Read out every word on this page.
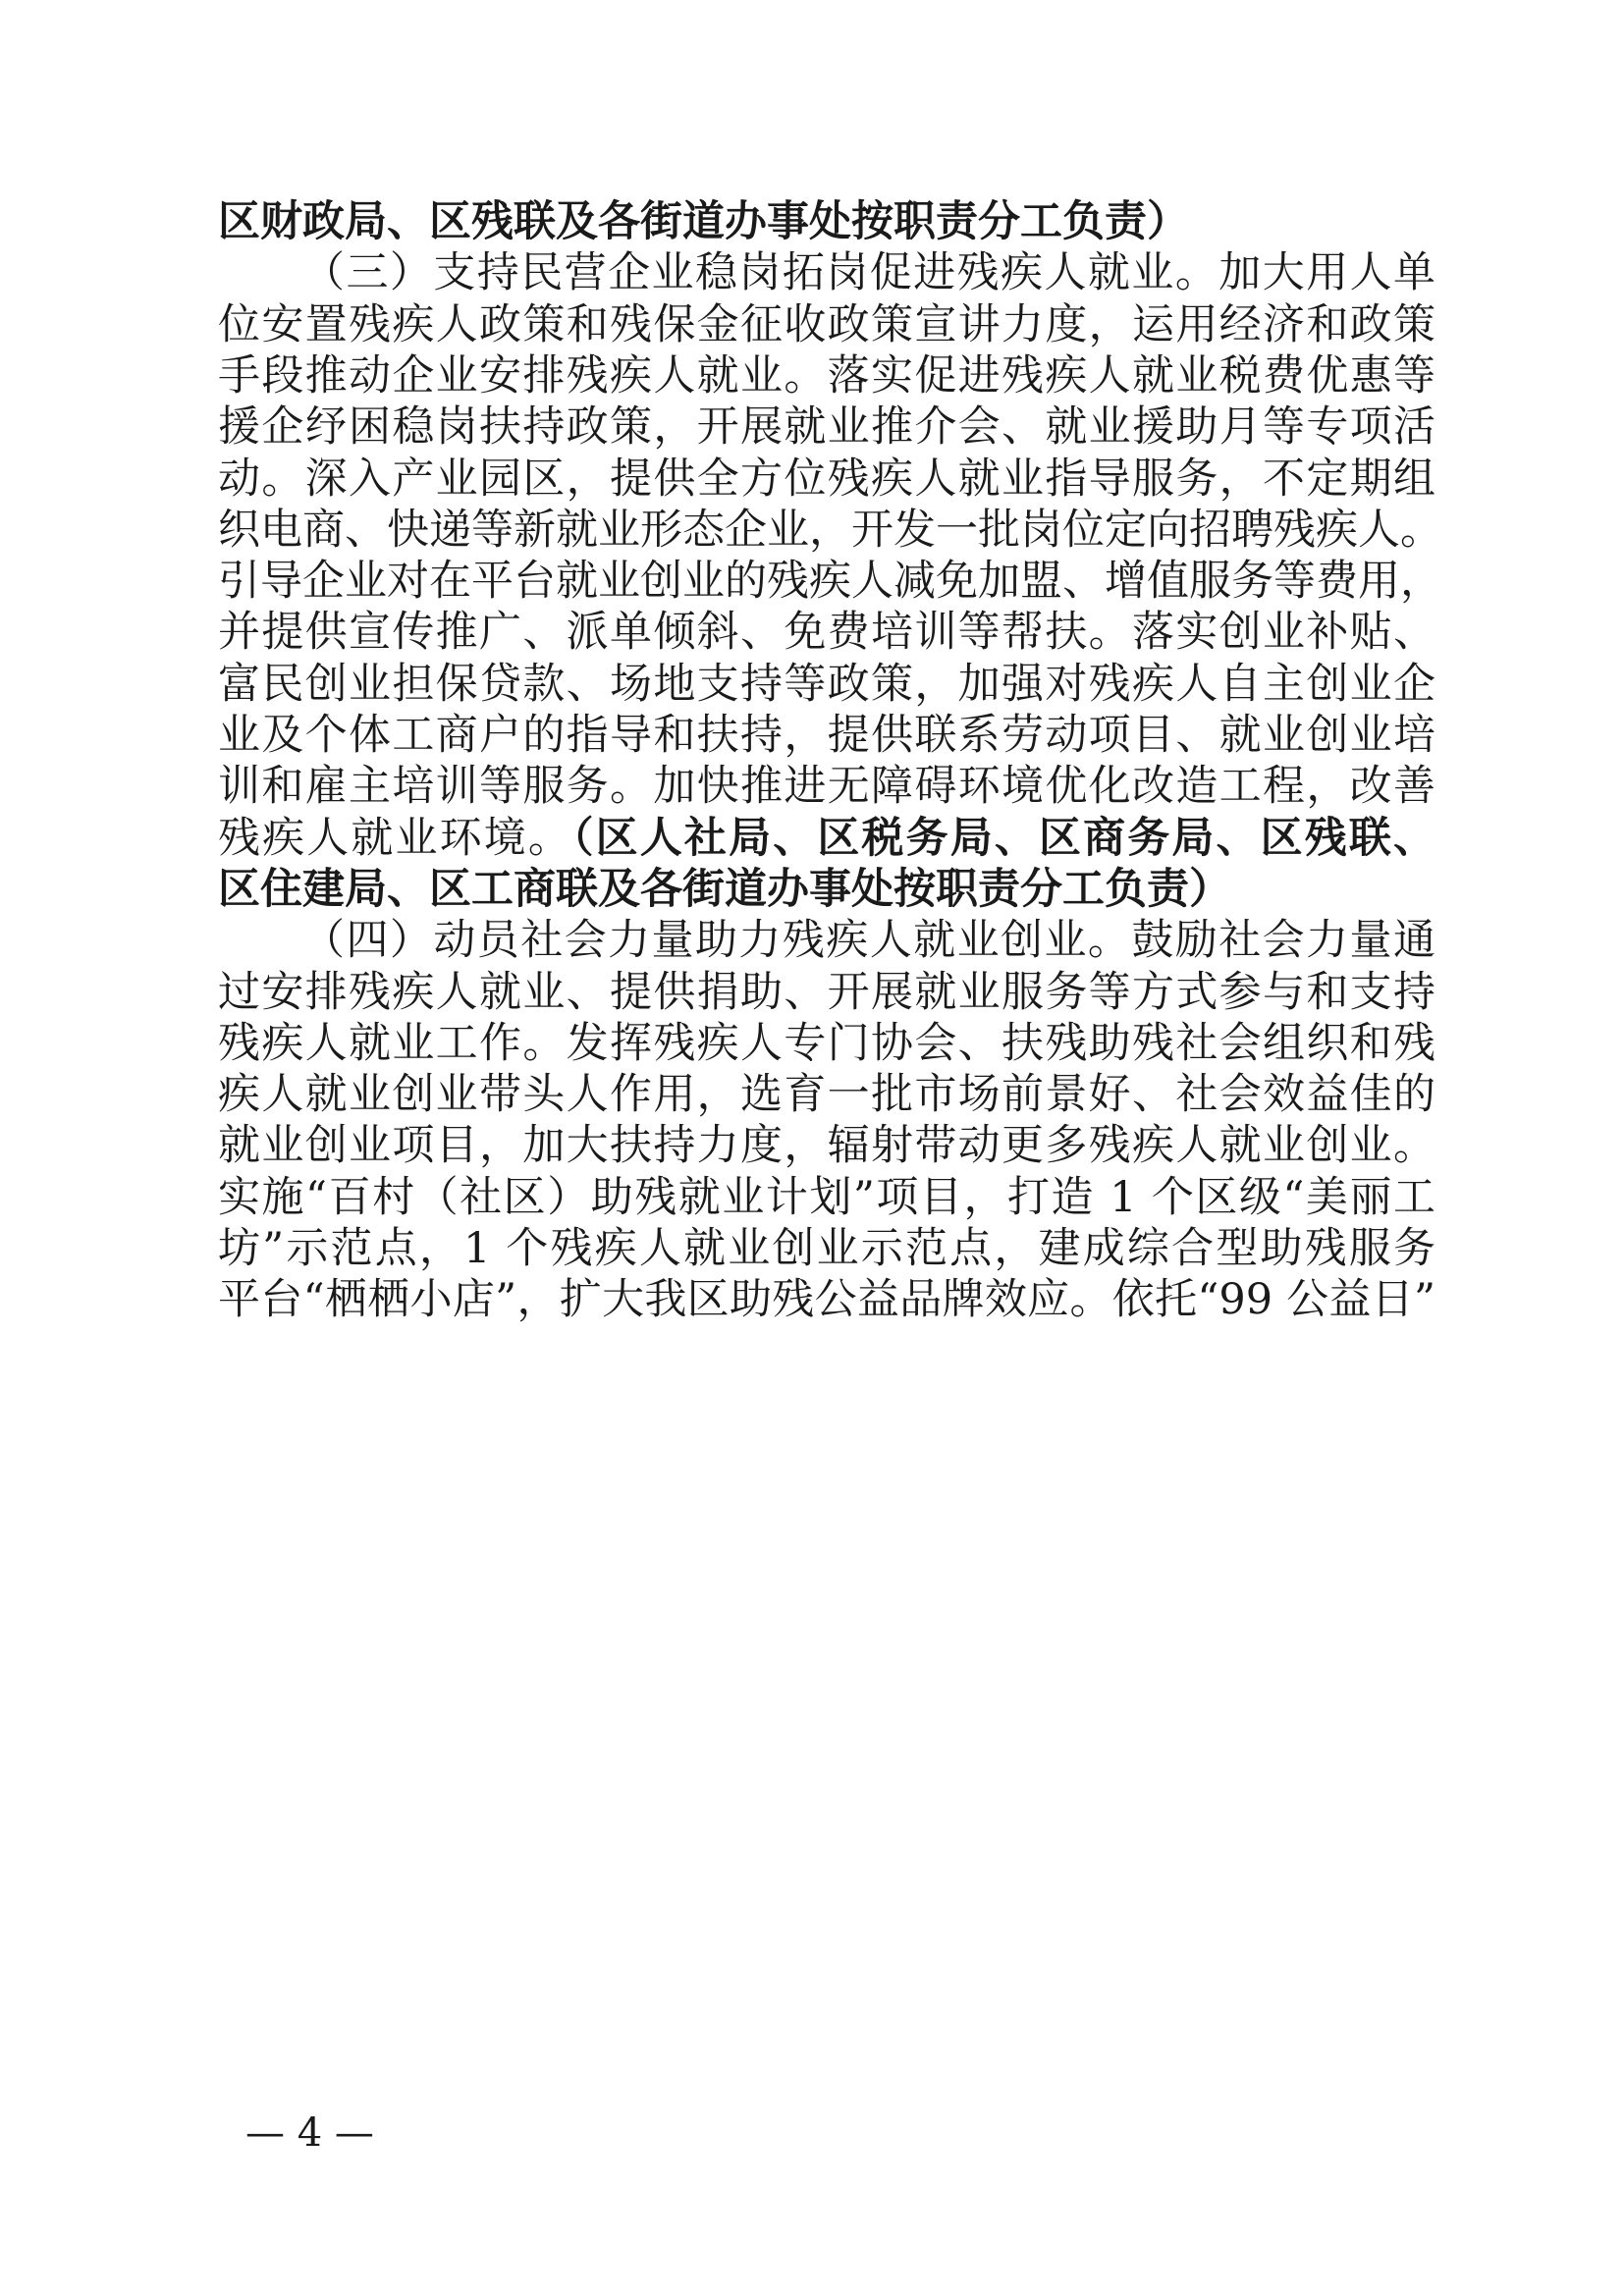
区财政局、区残联及各街道办事处按职责分工负责）
（三）支持民营企业稳岗拓岗促进残疾人就业。加大用人单
位安置残疾人政策和残保金征收政策宣讲力度，运用经济和政策
手段推动企业安排残疾人就业。落实促进残疾人就业税费优惠等
援企纾困稳岗扶持政策，开展就业推介会、就业援助月等专项活
动。深入产业园区，提供全方位残疾人就业指导服务，不定期组
织电商、快递等新就业形态企业，开发一批岗位定向招聘残疾人。
引导企业对在平台就业创业的残疾人减免加盟、增值服务等费用，
并提供宣传推广、派单倾斜、免费培训等帮扶。落实创业补贴、
富民创业担保贷款、场地支持等政策，加强对残疾人自主创业企
业及个体工商户的指导和扶持，提供联系劳动项目、就业创业培
训和雇主培训等服务。加快推进无障碍环境优化改造工程，改善
残疾人就业环境。（区人社局、区税务局、区商务局、区残联、
区住建局、区工商联及各街道办事处按职责分工负责）
（四）动员社会力量助力残疾人就业创业。鼓励社会力量通
过安排残疾人就业、提供捐助、开展就业服务等方式参与和支持
残疾人就业工作。发挥残疾人专门协会、扶残助残社会组织和残
疾人就业创业带头人作用，选育一批市场前景好、社会效益佳的
就业创业项目，加大扶持力度，辐射带动更多残疾人就业创业。
实施“百村（社区）助残就业计划”项目，打造 1 个区级“美丽工
坊”示范点，1 个残疾人就业创业示范点，建成综合型助残服务
平台“栖栖小店”，扩大我区助残公益品牌效应。依托“99 公益日”
— 4 —
